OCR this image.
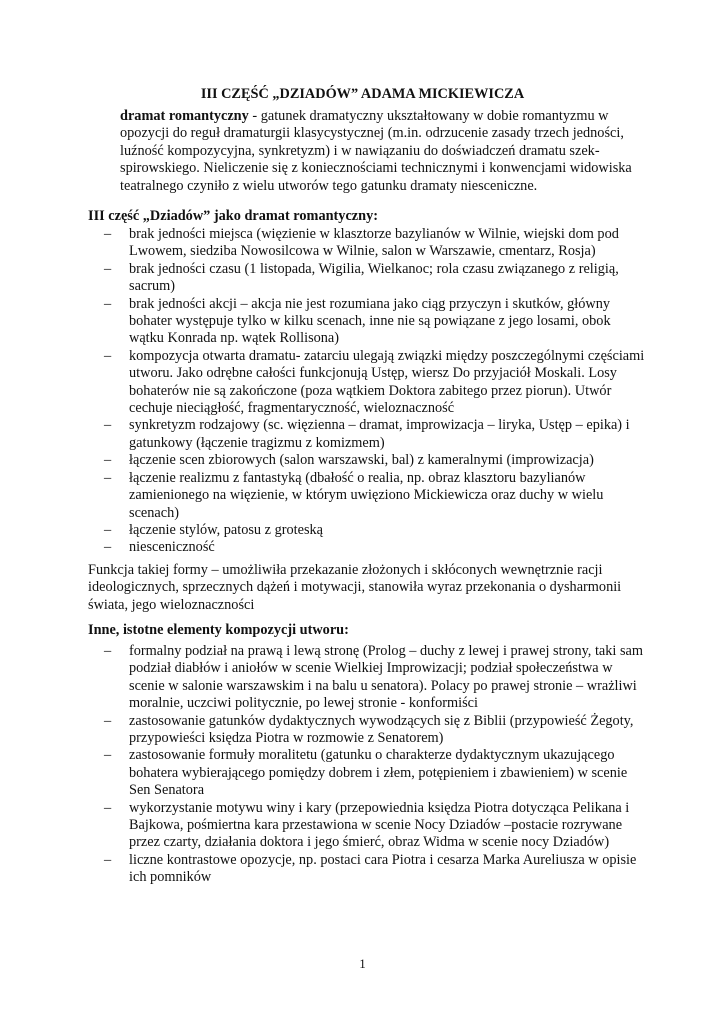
III CZĘŚĆ „DZIADÓW” ADAMA MICKIEWICZA
dramat romantyczny - gatunek dramatyczny ukształtowany w dobie romantyzmu w opozycji do reguł dramaturgii klasycystycznej (m.in. odrzucenie zasady trzech jedności, luźność kompozycyjna, synkretyzm) i w nawiązaniu do doświadczeń dramatu szek-spirowskiego. Nieliczenie się z koniecznościami technicznymi i konwencjami widowiska teatralnego czyniło z wielu utworów tego gatunku dramaty niesceniczne.
III część „Dziadów” jako dramat romantyczny:
– brak jedności miejsca (więzienie w klasztorze bazylianów w Wilnie, wiejski dom pod Lwowem, siedziba Nowosilcowa w Wilnie, salon w Warszawie, cmentarz, Rosja)
– brak jedności czasu (1 listopada, Wigilia, Wielkanoc; rola czasu związanego z religią, sacrum)
– brak jedności akcji – akcja nie jest rozumiana jako ciąg przyczyn i skutków, główny bohater występuje tylko w kilku scenach, inne nie są powiązane z jego losami, obok wątku Konrada np. wątek Rollisona)
– kompozycja otwarta dramatu- zatarciu ulegają związki między poszczególnymi częściami utworu. Jako odrębne całości funkcjonują Ustęp, wiersz Do przyjaciół Moskali. Losy bohaterów nie są zakończone (poza wątkiem Doktora zabitego przez piorun). Utwór cechuje nieciągłość, fragmentaryczność, wieloznaczność
– synkretyzm rodzajowy (sc. więzienna – dramat, improwizacja – liryka, Ustęp – epika) i gatunkowy (łączenie tragizmu z komizmem)
– łączenie scen zbiorowych (salon warszawski, bal) z kameralnymi (improwizacja)
– łączenie realizmu z fantastyką (dbałość o realia, np. obraz klasztoru bazylianów zamienionego na więzienie, w którym uwięziono Mickiewicza oraz duchy w wielu scenach)
– łączenie stylów, patosu z groteską
– niesceniczność
Funkcja takiej formy – umożliwiła przekazanie złożonych i skłóconych wewnętrznie racji ideologicznych, sprzecznych dążeń i motywacji, stanowiła wyraz przekonania o dysharmonii świata, jego wieloznaczności
Inne, istotne elementy kompozycji utworu:
– formalny podział na prawą i lewą stronę (Prolog – duchy z lewej i prawej strony, taki sam podział diabłów i aniołów w scenie Wielkiej Improwizacji; podział społeczeństwa w scenie w salonie warszawskim i na balu u senatora). Polacy po prawej stronie – wrażliwi moralnie, uczciwi politycznie, po lewej stronie - konformiści
– zastosowanie gatunków dydaktycznych wywodzących się z Biblii (przypowieść Żegoty, przypowieści księdza Piotra w rozmowie z Senatorem)
– zastosowanie formuły moralitetu (gatunku o charakterze dydaktycznym ukazującego bohatera wybierającego pomiędzy dobrem i złem, potępieniem i zbawieniem) w scenie Sen Senatora
– wykorzystanie motywu winy i kary (przepowiednia księdza Piotra dotycząca Pelikana i Bajkowa, pośmiertna kara przestawiona w scenie Nocy Dziadów –postacie rozrywane przez czarty, działania doktora i jego śmierć, obraz Widma w scenie nocy Dziadów)
– liczne kontrastowe opozycje, np. postaci cara Piotra i cesarza Marka Aureliusza w opisie ich pomników
1
